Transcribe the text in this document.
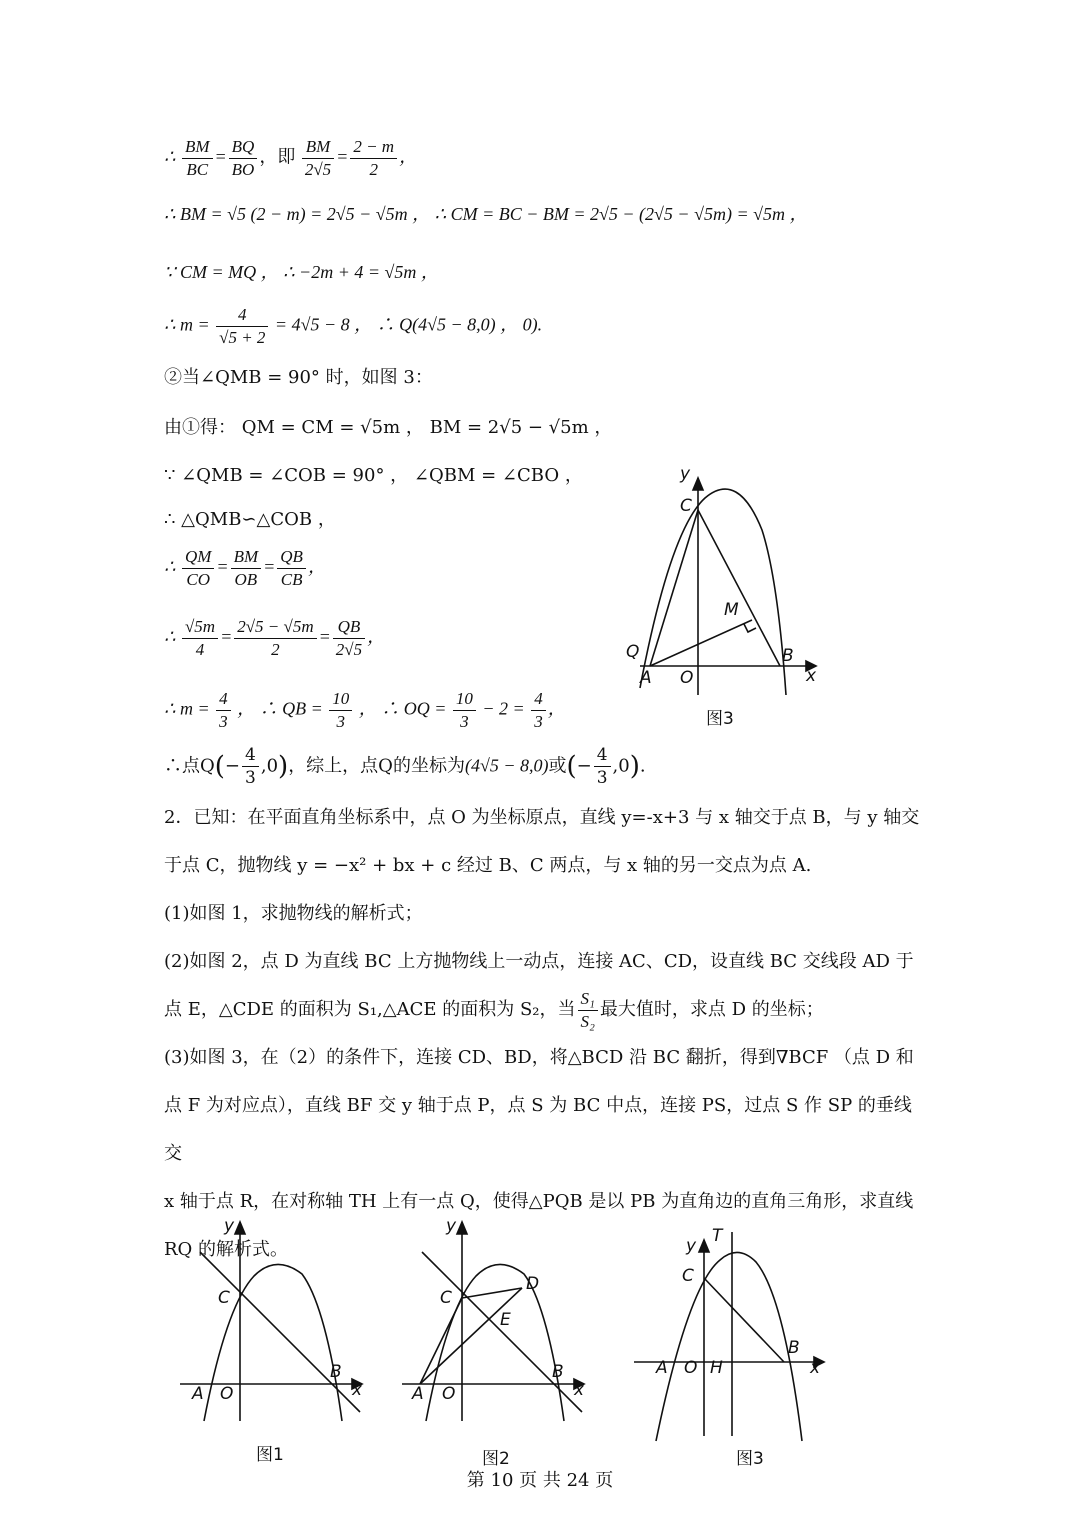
∴ $\frac{BM}{BC} = \frac{BQ}{BO}$ ，即 $\frac{BM}{2√5} = \frac{2 - m}{2}$ ，
∴ BM = √5 (2 − m) = 2√5 − √5m ， ∴ CM = BC − BM = 2√5 − (2√5 − √5m) = √5m ，
∵ CM = MQ ， ∴ −2m + 4 = √5m ，
∴ $m = \frac{4}{√5 + 2} = 4√5 - 8$ ， ∴ Q(4√5 − 8,0) ， 0).
②当∠QMB = 90° 时，如图 3：
由①得： QM = CM = √5m ， BM = 2√5 − √5m ，
∵ ∠QMB = ∠COB = 90° ， ∠QBM = ∠CBO ，
∴ △QMB∽△COB ，
∴ $\frac{QM}{CO} = \frac{BM}{OB} = \frac{QB}{CB}$ ，
∴ $\frac{√5m}{4} = \frac{2√5 - √5m}{2} = \frac{QB}{2√5}$ ，
∴ $m = \frac{4}{3}$ ， ∴ QB = $\frac{10}{3}$ ， ∴ OQ = $\frac{10}{3} - 2 = \frac{4}{3}$ ，
∴点$Q(- \frac{4}{3} ,0)$，综上，点Q的坐标为(4√5 − 8,0)或(− $\frac{4}{3} ,0$).
y
C
M
Q	B
A O	x
图3
2．已知：在平面直角坐标系中，点 O 为坐标原点，直线 y=-x+3 与 x 轴交于点 B，与 y 轴交
于点 C，抛物线 y = −x² + bx + c 经过 B、C 两点，与 x 轴的另一交点为点 A.
(1)如图 1，求抛物线的解析式；
(2)如图 2，点 D 为直线 BC 上方抛物线上一动点，连接 AC、CD，设直线 BC 交线段 AD 于
点 E，△CDE 的面积为 S₁,△ACE 的面积为 S₂，当 $\frac{\text{S₁}}{\text{S₂}}$ 最大值时，求点 D 的坐标；
(3)如图 3，在（2）的条件下，连接 CD、BD，将△BCD 沿 BC 翻折，得到∇BCF （点 D 和
点 F 为对应点），直线 BF 交 y 轴于点 P，点 S 为 BC 中点，连接 PS，过点 S 作 SP 的垂线交
x 轴于点 R，在对称轴 TH 上有一点 Q，使得△PQB 是以 PB 为直角边的直角三角形，求直线
RQ 的解析式。
y
C
B
A O	x
图1
y
C
D
E
B
A O	x
图2
y T
C
B
A O H	x
图3
第 10 页 共 24 页
